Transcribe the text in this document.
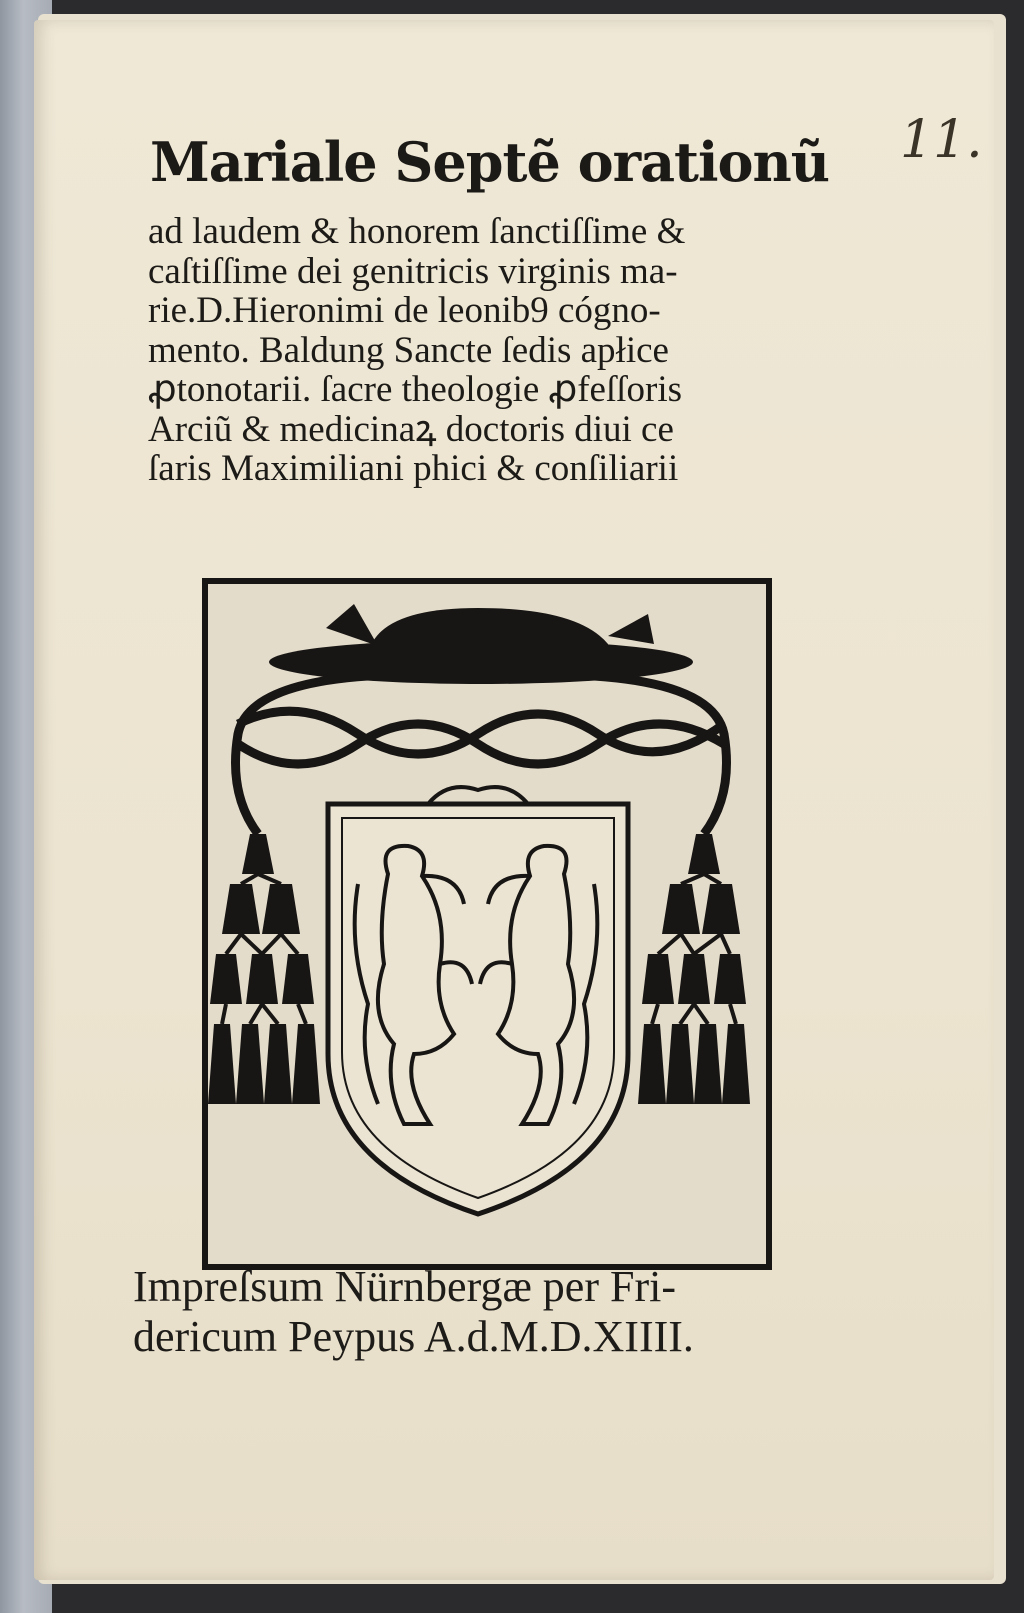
11.
Mariale Septẽ orationũ
ad laudem & honorem ſanctiſſime &
caſtiſſime dei genitricis virginis ma-
rie.D.Hieronimi de leonib9 cógno-
mento. Baldung Sancte ſedis apłice
ꝓtonotarii. ſacre theologie ꝓfeſſoris
Arciũ & medicinaꝝ doctoris diui ce
ſaris Maximiliani phici & conſiliarii
Impreſsum Nürnbergæ per Fri-
dericum Peypus A.d.M.D.XIIII.
